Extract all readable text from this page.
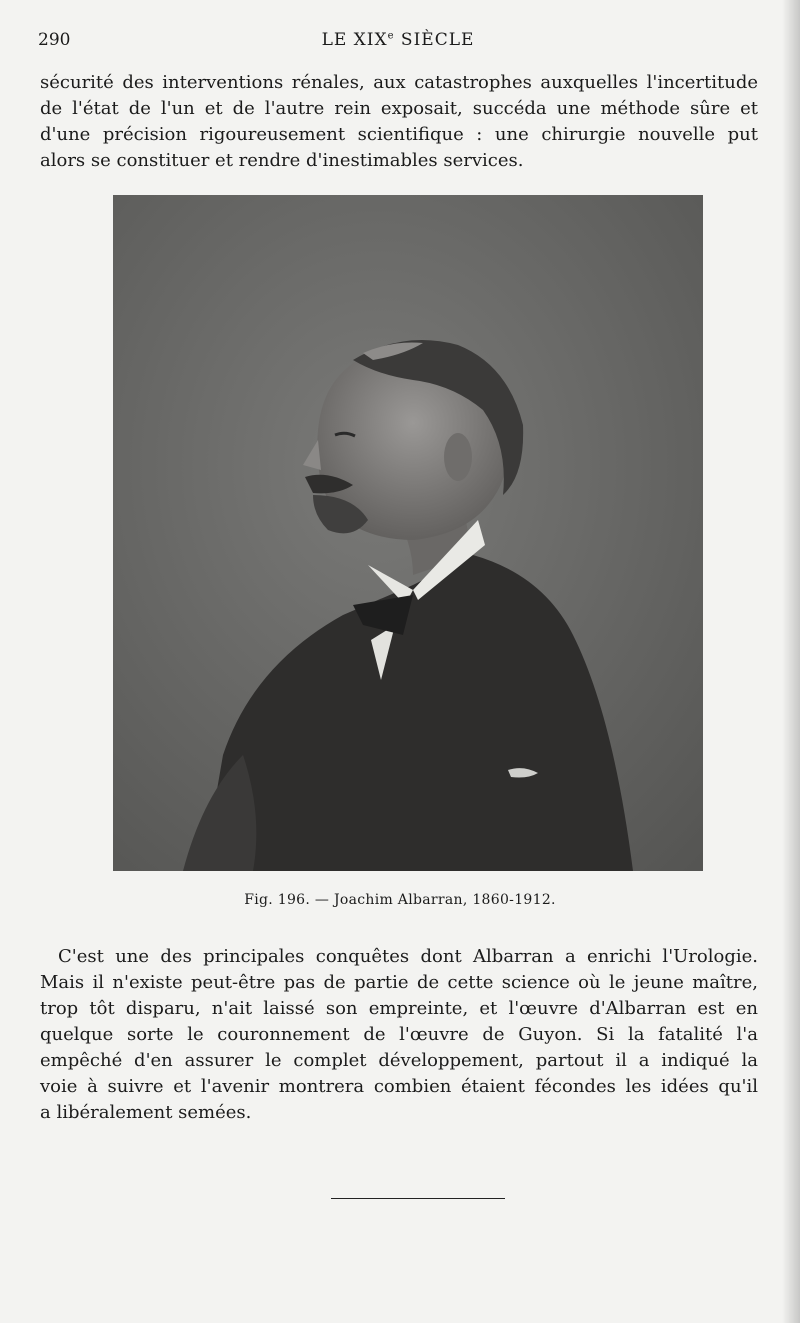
290	LE XIXe SIÈCLE
sécurité des interventions rénales, aux catastrophes auxquelles l'incertitude
de l'état de l'un et de l'autre rein exposait, succéda une méthode sûre et
d'une précision rigoureusement scientifique : une chirurgie nouvelle put
alors se constituer et rendre d'inestimables services.
Fig. 196. — Joachim Albarran, 1860-1912.
C'est une des principales conquêtes dont Albarran a enrichi l'Urologie.
Mais il n'existe peut-être pas de partie de cette science où le jeune maître,
trop tôt disparu, n'ait laissé son empreinte, et l'œuvre d'Albarran est en
quelque sorte le couronnement de l'œuvre de Guyon. Si la fatalité l'a
empêché d'en assurer le complet développement, partout il a indiqué la
voie à suivre et l'avenir montrera combien étaient fécondes les idées qu'il
a libéralement semées.
